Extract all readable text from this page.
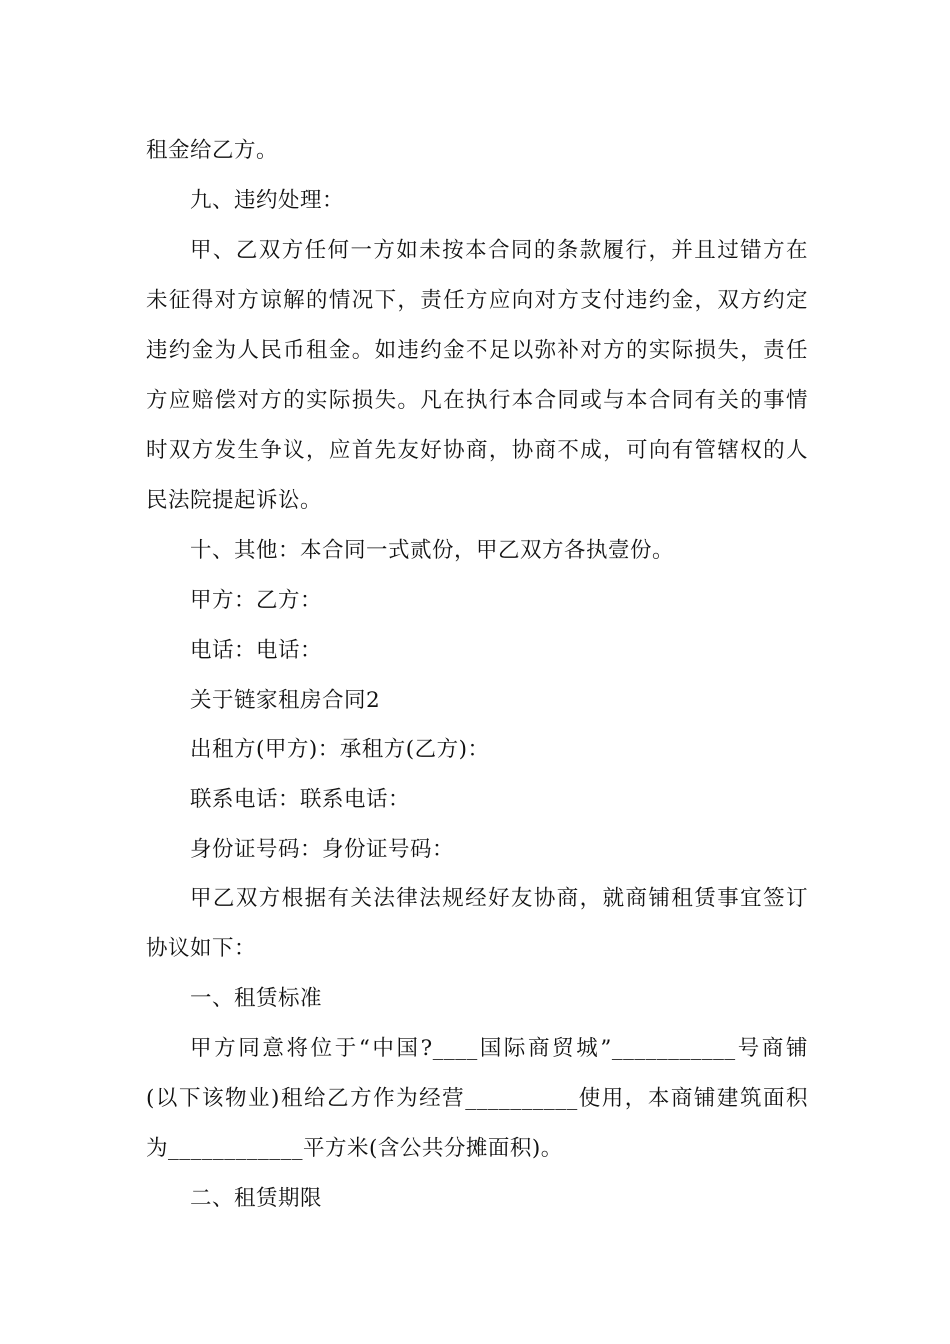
租金给乙方。
九、违约处理：
甲、乙双方任何一方如未按本合同的条款履行，并且过错方在
未征得对方谅解的情况下，责任方应向对方支付违约金，双方约定
违约金为人民币租金。如违约金不足以弥补对方的实际损失，责任
方应赔偿对方的实际损失。凡在执行本合同或与本合同有关的事情
时双方发生争议，应首先友好协商，协商不成，可向有管辖权的人
民法院提起诉讼。
十、其他：本合同一式贰份，甲乙双方各执壹份。
甲方：乙方：
电话：电话：
关于链家租房合同2
出租方(甲方)：承租方(乙方)：
联系电话：联系电话：
身份证号码：身份证号码：
甲乙双方根据有关法律法规经好友协商，就商铺租赁事宜签订
协议如下：
一、租赁标准
甲方同意将位于“中国?____国际商贸城”___________号商铺
(以下该物业)租给乙方作为经营__________使用，本商铺建筑面积
为____________平方米(含公共分摊面积)。
二、租赁期限
